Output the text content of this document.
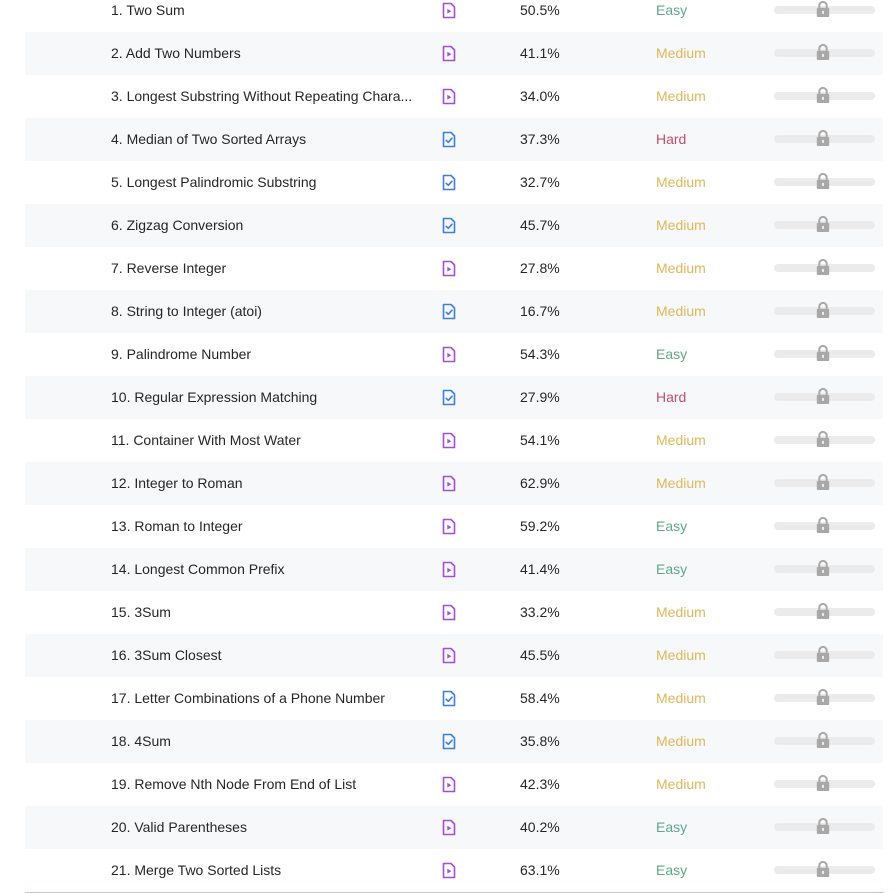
1. Two Sum	50.5%	Easy
2. Add Two Numbers	41.1%	Medium
3. Longest Substring Without Repeating Chara...	34.0%	Medium
4. Median of Two Sorted Arrays	37.3%	Hard
5. Longest Palindromic Substring	32.7%	Medium
6. Zigzag Conversion	45.7%	Medium
7. Reverse Integer	27.8%	Medium
8. String to Integer (atoi)	16.7%	Medium
9. Palindrome Number	54.3%	Easy
10. Regular Expression Matching	27.9%	Hard
11. Container With Most Water	54.1%	Medium
12. Integer to Roman	62.9%	Medium
13. Roman to Integer	59.2%	Easy
14. Longest Common Prefix	41.4%	Easy
15. 3Sum	33.2%	Medium
16. 3Sum Closest	45.5%	Medium
17. Letter Combinations of a Phone Number	58.4%	Medium
18. 4Sum	35.8%	Medium
19. Remove Nth Node From End of List	42.3%	Medium
20. Valid Parentheses	40.2%	Easy
21. Merge Two Sorted Lists	63.1%	Easy
